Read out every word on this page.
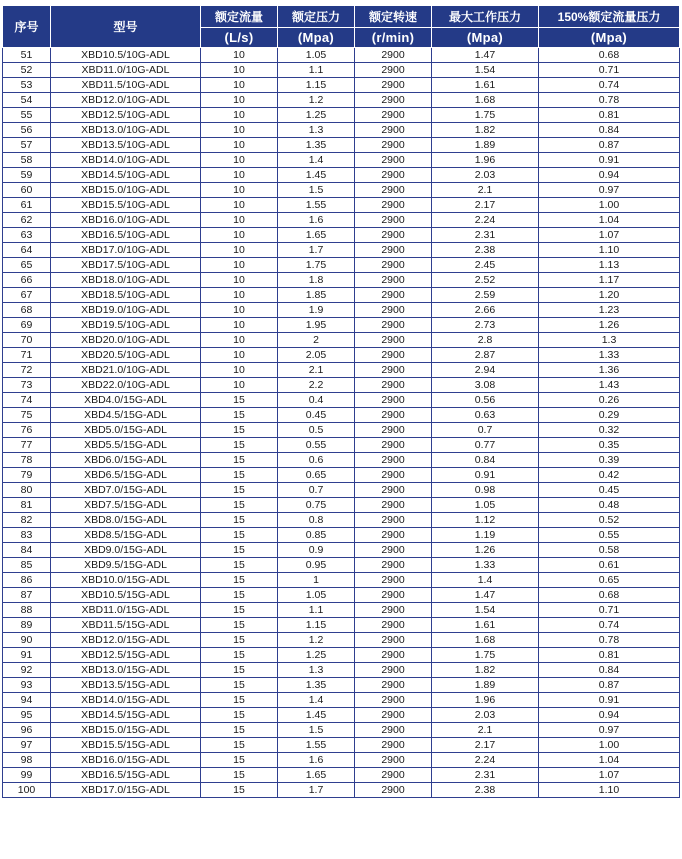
序号	型号	额定流量	额定压力	额定转速	最大工作压力	150%额定流量压力
		(L/s)	(Mpa)	(r/min)	(Mpa)	(Mpa)
51	XBD10.5/10G-ADL	10	1.05	2900	1.47	0.68
52	XBD11.0/10G-ADL	10	1.1	2900	1.54	0.71
53	XBD11.5/10G-ADL	10	1.15	2900	1.61	0.74
54	XBD12.0/10G-ADL	10	1.2	2900	1.68	0.78
55	XBD12.5/10G-ADL	10	1.25	2900	1.75	0.81
56	XBD13.0/10G-ADL	10	1.3	2900	1.82	0.84
57	XBD13.5/10G-ADL	10	1.35	2900	1.89	0.87
58	XBD14.0/10G-ADL	10	1.4	2900	1.96	0.91
59	XBD14.5/10G-ADL	10	1.45	2900	2.03	0.94
60	XBD15.0/10G-ADL	10	1.5	2900	2.1	0.97
61	XBD15.5/10G-ADL	10	1.55	2900	2.17	1.00
62	XBD16.0/10G-ADL	10	1.6	2900	2.24	1.04
63	XBD16.5/10G-ADL	10	1.65	2900	2.31	1.07
64	XBD17.0/10G-ADL	10	1.7	2900	2.38	1.10
65	XBD17.5/10G-ADL	10	1.75	2900	2.45	1.13
66	XBD18.0/10G-ADL	10	1.8	2900	2.52	1.17
67	XBD18.5/10G-ADL	10	1.85	2900	2.59	1.20
68	XBD19.0/10G-ADL	10	1.9	2900	2.66	1.23
69	XBD19.5/10G-ADL	10	1.95	2900	2.73	1.26
70	XBD20.0/10G-ADL	10	2	2900	2.8	1.3
71	XBD20.5/10G-ADL	10	2.05	2900	2.87	1.33
72	XBD21.0/10G-ADL	10	2.1	2900	2.94	1.36
73	XBD22.0/10G-ADL	10	2.2	2900	3.08	1.43
74	XBD4.0/15G-ADL	15	0.4	2900	0.56	0.26
75	XBD4.5/15G-ADL	15	0.45	2900	0.63	0.29
76	XBD5.0/15G-ADL	15	0.5	2900	0.7	0.32
77	XBD5.5/15G-ADL	15	0.55	2900	0.77	0.35
78	XBD6.0/15G-ADL	15	0.6	2900	0.84	0.39
79	XBD6.5/15G-ADL	15	0.65	2900	0.91	0.42
80	XBD7.0/15G-ADL	15	0.7	2900	0.98	0.45
81	XBD7.5/15G-ADL	15	0.75	2900	1.05	0.48
82	XBD8.0/15G-ADL	15	0.8	2900	1.12	0.52
83	XBD8.5/15G-ADL	15	0.85	2900	1.19	0.55
84	XBD9.0/15G-ADL	15	0.9	2900	1.26	0.58
85	XBD9.5/15G-ADL	15	0.95	2900	1.33	0.61
86	XBD10.0/15G-ADL	15	1	2900	1.4	0.65
87	XBD10.5/15G-ADL	15	1.05	2900	1.47	0.68
88	XBD11.0/15G-ADL	15	1.1	2900	1.54	0.71
89	XBD11.5/15G-ADL	15	1.15	2900	1.61	0.74
90	XBD12.0/15G-ADL	15	1.2	2900	1.68	0.78
91	XBD12.5/15G-ADL	15	1.25	2900	1.75	0.81
92	XBD13.0/15G-ADL	15	1.3	2900	1.82	0.84
93	XBD13.5/15G-ADL	15	1.35	2900	1.89	0.87
94	XBD14.0/15G-ADL	15	1.4	2900	1.96	0.91
95	XBD14.5/15G-ADL	15	1.45	2900	2.03	0.94
96	XBD15.0/15G-ADL	15	1.5	2900	2.1	0.97
97	XBD15.5/15G-ADL	15	1.55	2900	2.17	1.00
98	XBD16.0/15G-ADL	15	1.6	2900	2.24	1.04
99	XBD16.5/15G-ADL	15	1.65	2900	2.31	1.07
100	XBD17.0/15G-ADL	15	1.7	2900	2.38	1.10
